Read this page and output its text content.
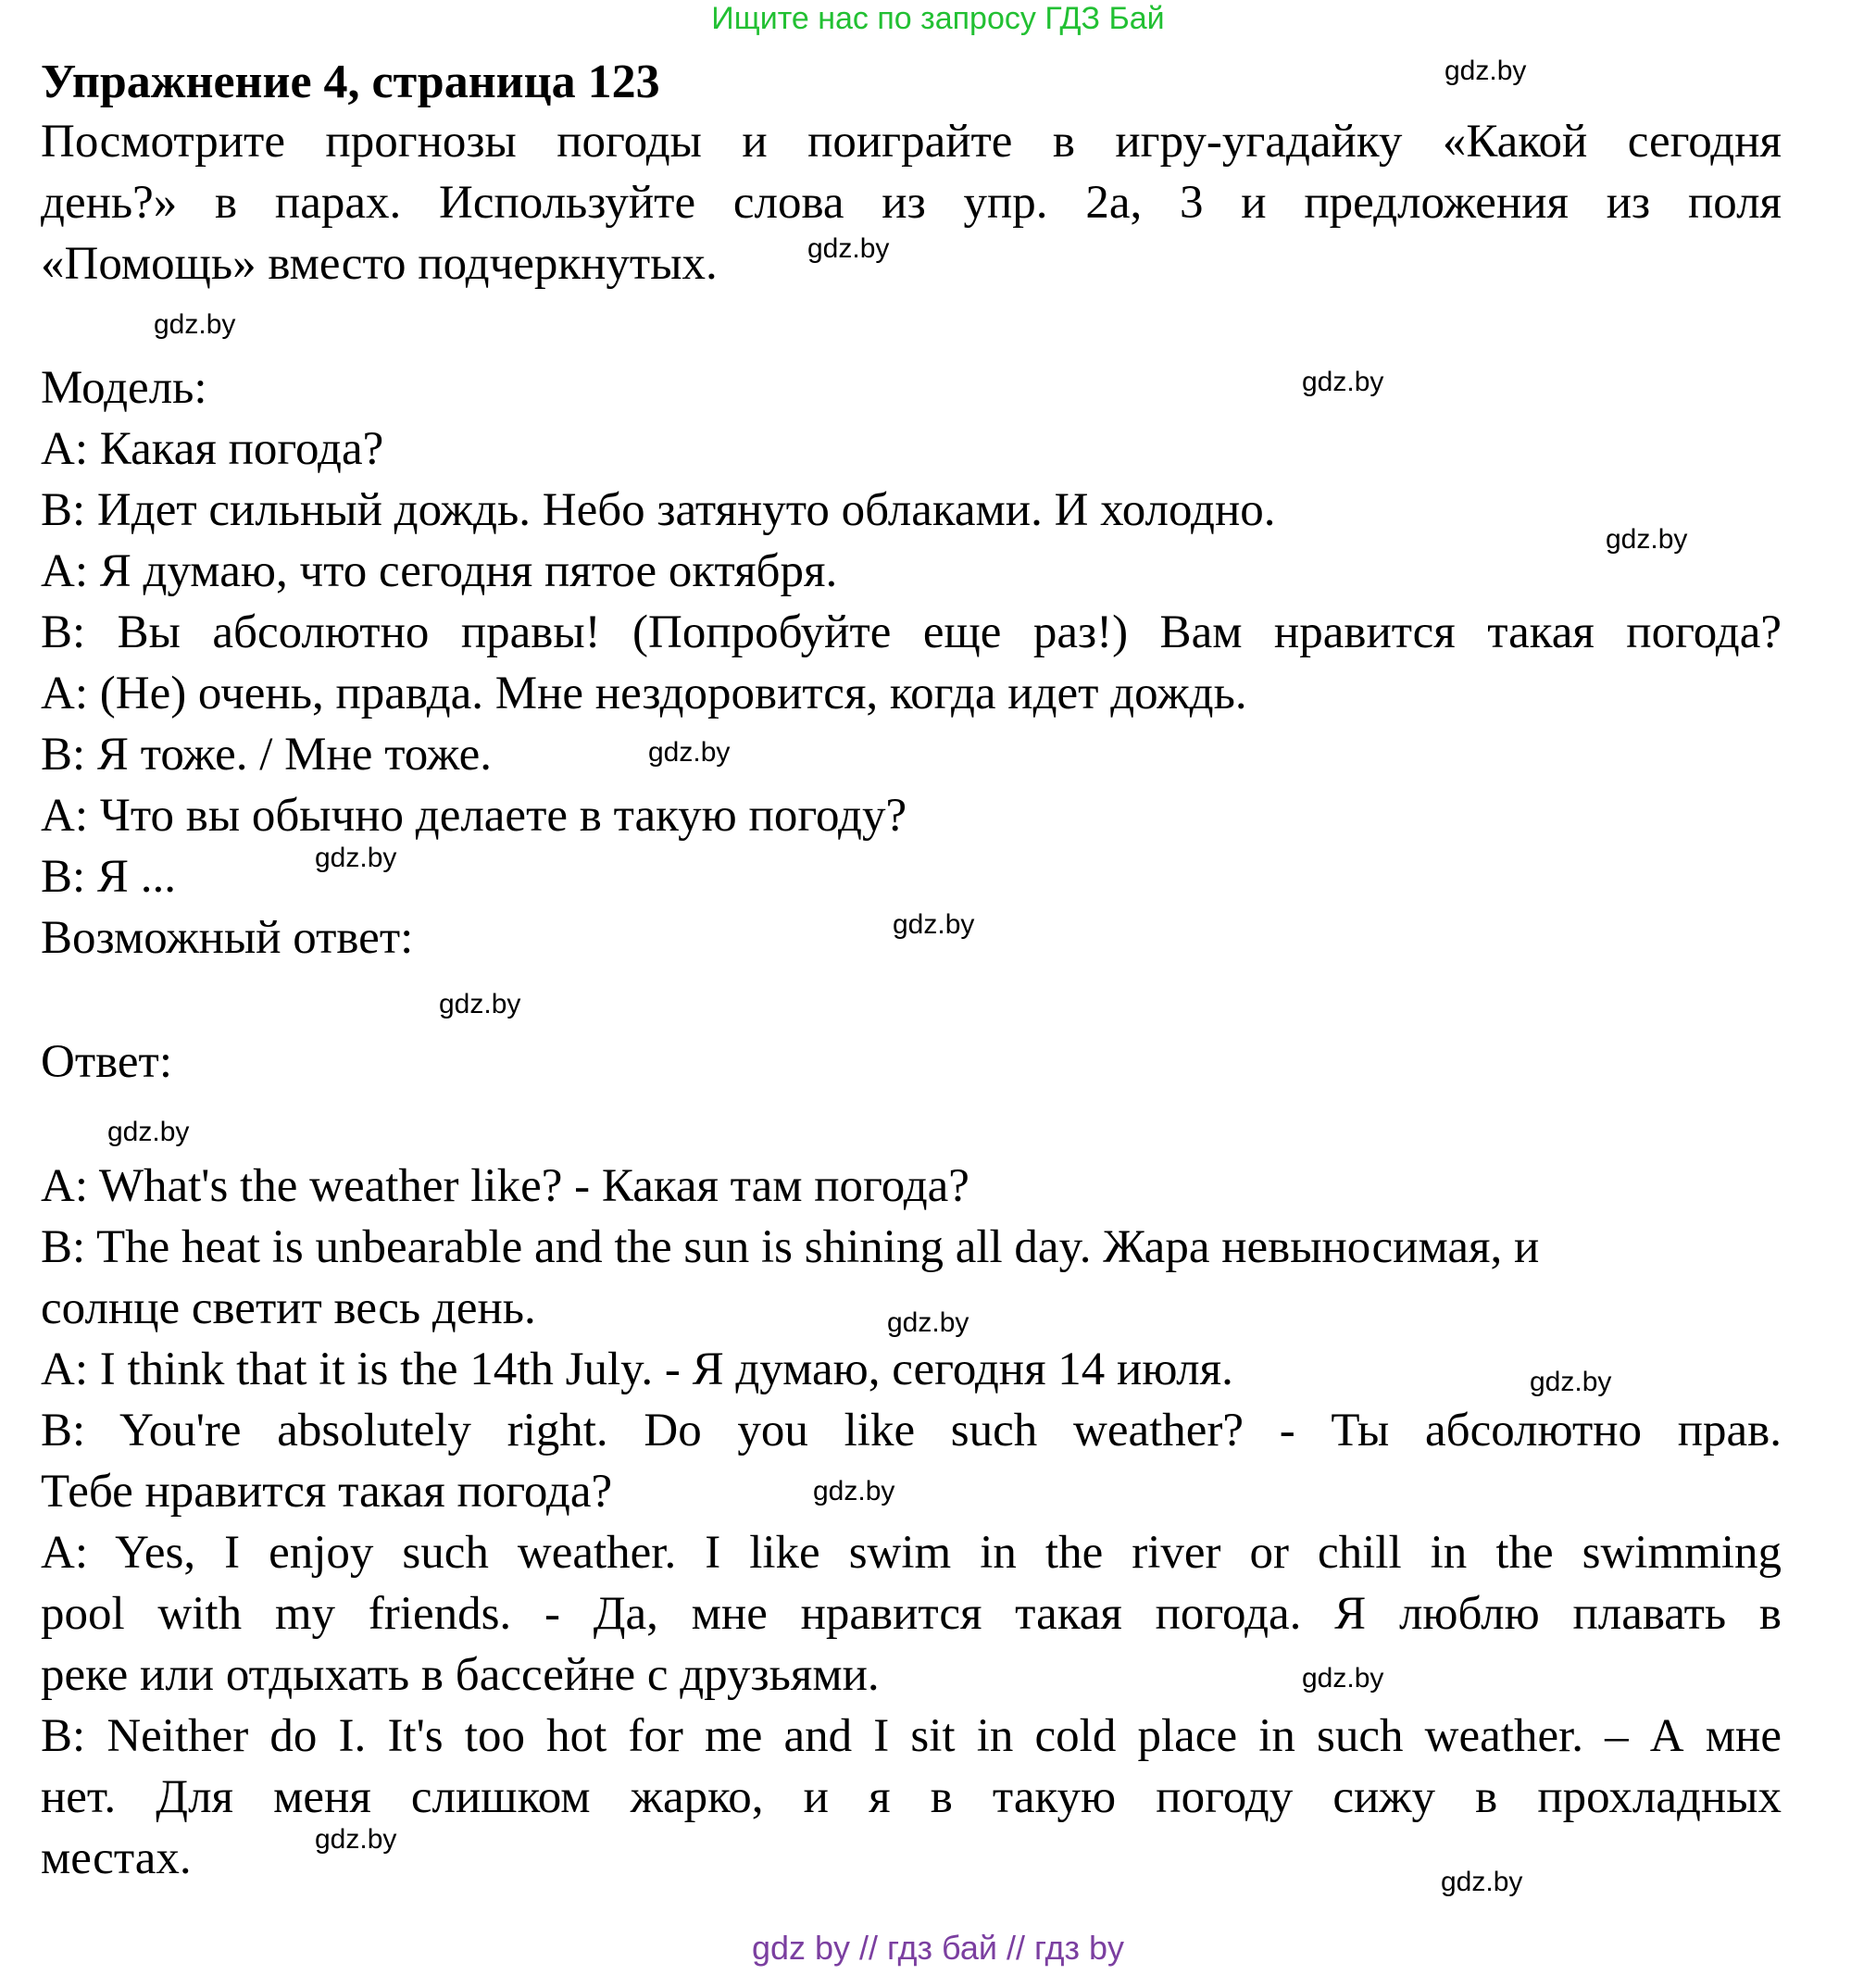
Ищите нас по запросу ГДЗ Бай
Упражнение 4, страница 123
Посмотрите прогнозы погоды и поиграйте в игру-угадайку «Какой сегодня
день?» в парах. Используйте слова из упр. 2а, 3 и предложения из поля
«Помощь» вместо подчеркнутых.
Модель:
А: Какая погода?
В: Идет сильный дождь. Небо затянуто облаками. И холодно.
А: Я думаю, что сегодня пятое октября.
В: Вы абсолютно правы! (Попробуйте еще раз!) Вам нравится такая погода?
А: (Не) очень, правда. Мне нездоровится, когда идет дождь.
В: Я тоже. / Мне тоже.
А: Что вы обычно делаете в такую погоду?
В: Я ...
Возможный ответ:
Ответ:
A: What's the weather like? - Какая там погода?
B: The heat is unbearable and the sun is shining all day. Жара невыносимая, и
солнце светит весь день.
A: I think that it is the 14th July. - Я думаю, сегодня 14 июля.
B: You're absolutely right. Do you like such weather? - Ты абсолютно прав.
Тебе нравится такая погода?
A: Yes, I enjoy such weather. I like swim in the river or chill in the swimming
pool with my friends. - Да, мне нравится такая погода. Я люблю плавать в
реке или отдыхать в бассейне с друзьями.
B: Neither do I. It's too hot for me and I sit in cold place in such weather. – А мне
нет. Для меня слишком жарко, и я в такую погоду сижу в прохладных
местах.
gdz.by
gdz.by
gdz.by
gdz.by
gdz.by
gdz.by
gdz.by
gdz.by
gdz.by
gdz.by
gdz.by
gdz.by
gdz.by
gdz.by
gdz.by
gdz.by
gdz by // гдз бай // гдз by
